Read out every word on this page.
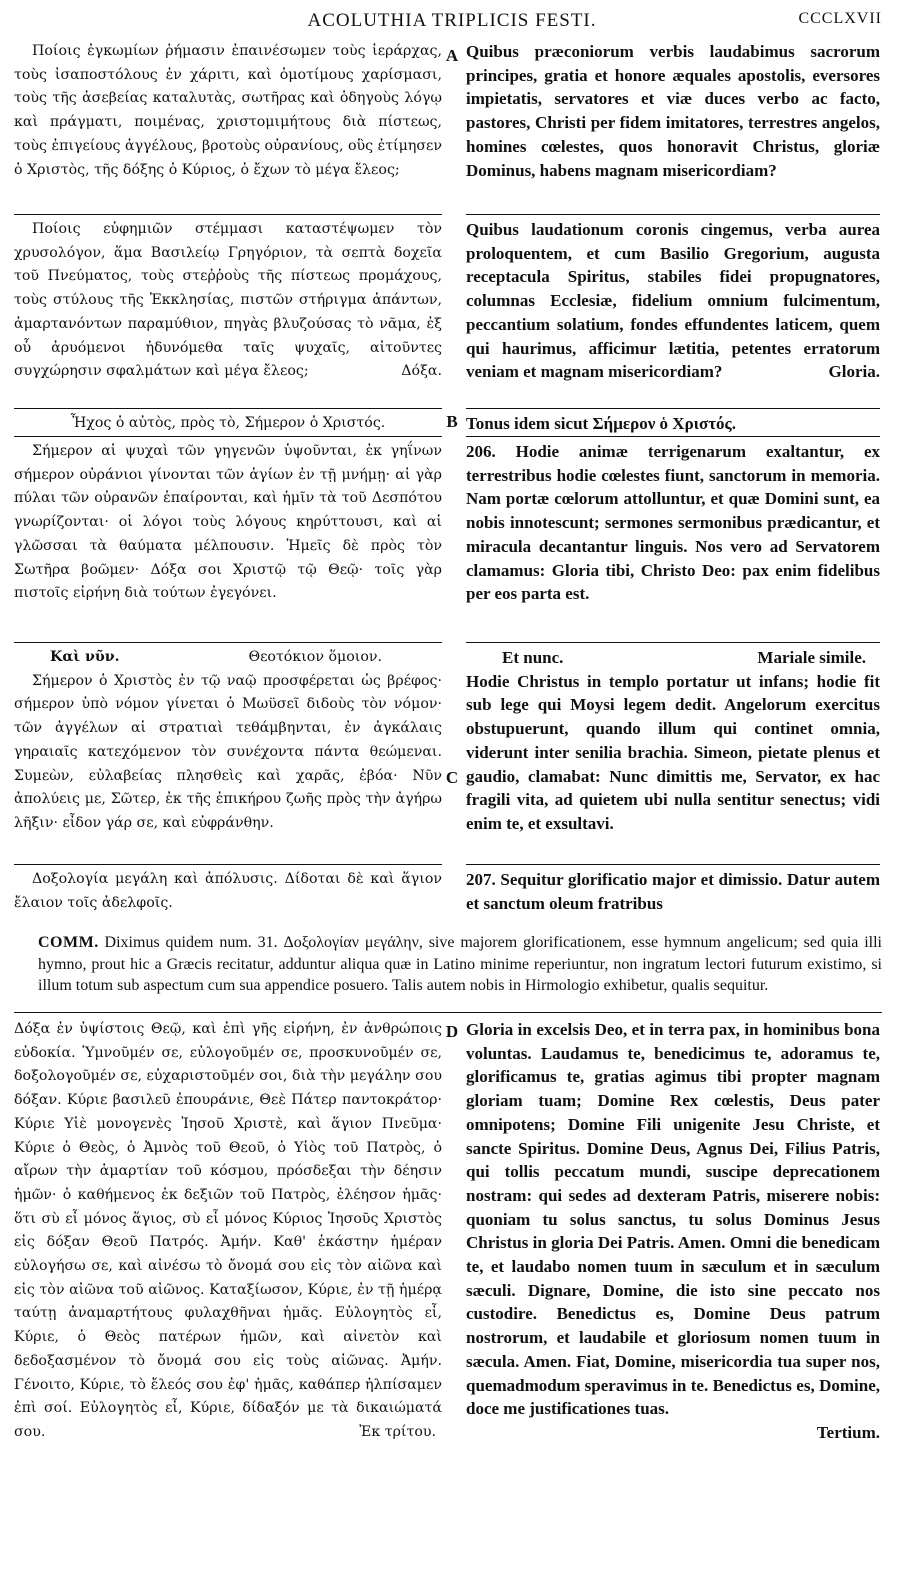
ACOLUTHIA TRIPLICIS FESTI.	CCCLXVII

Ποίοις ἐγκωμίων ῥήμασιν ἐπαινέσωμεν τοὺς ἱεράρχας, τοὺς ἰσαποστόλους ἐν χάριτι, καὶ ὁμοτίμους χαρίσμασι, τοὺς τῆς ἀσεβείας καταλυτὰς, σωτῆρας καὶ ὁδηγοὺς λόγῳ καὶ πράγματι, ποιμένας, χριστομιμήτους διὰ πίστεως, τοὺς ἐπιγείους ἀγγέλους, βροτοὺς οὐρανίους, οὓς ἐτίμησεν ὁ Χριστὸς, τῆς δόξης ὁ Κύριος, ὁ ἔχων τὸ μέγα ἔλεος;

Ποίοις εὐφημιῶν στέμμασι καταστέψωμεν τὸν χρυσολόγον, ἅμα Βασιλείῳ Γρηγόριον, τὰ σεπτὰ δοχεῖα τοῦ Πνεύματος, τοὺς στεῤῥοὺς τῆς πίστεως προμάχους, τοὺς στύλους τῆς Ἐκκλησίας, πιστῶν στήριγμα ἁπάντων, ἁμαρτανόντων παραμύθιον, πηγὰς βλυζούσας τὸ νᾶμα, ἐξ οὗ ἀρυόμενοι ἡδυνόμεθα ταῖς ψυχαῖς, αἰτοῦντες συγχώρησιν σφαλμάτων καὶ μέγα ἔλεος;	Δόξα.

Ἦχος ὁ αὐτὸς, πρὸς τὸ, Σήμερον ὁ Χριστός.

Σήμερον αἱ ψυχαὶ τῶν γηγενῶν ὑψοῦνται, ἐκ γηΐνων σήμερον οὐράνιοι γίνονται τῶν ἁγίων ἐν τῇ μνήμῃ· αἱ γὰρ πύλαι τῶν οὐρανῶν ἐπαίρονται, καὶ ἡμῖν τὰ τοῦ Δεσπότου γνωρίζονται· οἱ λόγοι τοὺς λόγους κηρύττουσι, καὶ αἱ γλῶσσαι τὰ θαύματα μέλπουσιν. Ἡμεῖς δὲ πρὸς τὸν Σωτῆρα βοῶμεν· Δόξα σοι Χριστῷ τῷ Θεῷ· τοῖς γὰρ πιστοῖς εἰρήνη διὰ τούτων ἐγεγόνει.

Καὶ νῦν.	Θεοτόκιον ὅμοιον.

Σήμερον ὁ Χριστὸς ἐν τῷ ναῷ προσφέρεται ὡς βρέφος· σήμερον ὑπὸ νόμον γίνεται ὁ Μωϋσεῖ διδοὺς τὸν νόμον· τῶν ἀγγέλων αἱ στρατιαὶ τεθάμβηνται, ἐν ἀγκάλαις γηραιαῖς κατεχόμενον τὸν συνέχοντα πάντα θεώμεναι. Συμεὼν, εὐλαβείας πλησθεὶς καὶ χαρᾶς, ἐβόα· Νῦν ἀπολύεις με, Σῶτερ, ἐκ τῆς ἐπικήρου ζωῆς πρὸς τὴν ἀγήρω λῆξιν· εἶδον γάρ σε, καὶ εὐφράνθην.

Δοξολογία μεγάλη καὶ ἀπόλυσις. Δίδοται δὲ καὶ ἅγιον ἔλαιον τοῖς ἀδελφοῖς.

Quibus præconiorum verbis laudabimus sacrorum principes, gratia et honore æquales apostolis, eversores impietatis, servatores et viæ duces verbo ac facto, pastores, Christi per fidem imitatores, terrestres angelos, homines cœlestes, quos honoravit Christus, gloriæ Dominus, habens magnam misericordiam?

Quibus laudationum coronis cingemus, verba aurea proloquentem, et cum Basilio Gregorium, augusta receptacula Spiritus, stabiles fidei propugnatores, columnas Ecclesiæ, fidelium omnium fulcimentum, peccantium solatium, fondes effundentes laticem, quem qui haurimus, afficimur lætitia, petentes erratorum veniam et magnam misericordiam?	Gloria.

Tonus idem sicut Σήμερον ὁ Χριστός.

206. Hodie animæ terrigenarum exaltantur, ex terrestribus hodie cœlestes fiunt, sanctorum in memoria. Nam portæ cœlorum attolluntur, et quæ Domini sunt, ea nobis innotescunt; sermones sermonibus prædicantur, et miracula decantantur linguis. Nos vero ad Servatorem clamamus: Gloria tibi, Christo Deo: pax enim fidelibus per eos parta est.

Et nunc.	Mariale simile.

Hodie Christus in templo portatur ut infans; hodie fit sub lege qui Moysi legem dedit. Angelorum exercitus obstupuerunt, quando illum qui continet omnia, viderunt inter senilia brachia. Simeon, pietate plenus et gaudio, clamabat: Nunc dimittis me, Servator, ex hac fragili vita, ad quietem ubi nulla sentitur senectus; vidi enim te, et exsultavi.

207. Sequitur glorificatio major et dimissio. Datur autem et sanctum oleum fratribus

A
B
C
D
COMM. Diximus quidem num. 31. Δοξολογίαν μεγάλην, sive majorem glorificationem, esse hymnum angelicum; sed quia illi hymno, prout hic a Græcis recitatur, adduntur aliqua quæ in Latino minime reperiuntur, non ingratum lectori futurum existimo, si illum totum sub aspectum cum sua appendice posuero. Talis autem nobis in Hirmologio exhibetur, qualis sequitur.

Δόξα ἐν ὑψίστοις Θεῷ, καὶ ἐπὶ γῆς εἰρήνη, ἐν ἀνθρώποις εὐδοκία. Ὑμνοῦμέν σε, εὐλογοῦμέν σε, προσκυνοῦμέν σε, δοξολογοῦμέν σε, εὐχαριστοῦμέν σοι, διὰ τὴν μεγάλην σου δόξαν. Κύριε βασιλεῦ ἐπουράνιε, Θεὲ Πάτερ παντοκράτορ· Κύριε Υἱὲ μονογενὲς Ἰησοῦ Χριστὲ, καὶ ἅγιον Πνεῦμα· Κύριε ὁ Θεὸς, ὁ Ἀμνὸς τοῦ Θεοῦ, ὁ Υἱὸς τοῦ Πατρὸς, ὁ αἴρων τὴν ἁμαρτίαν τοῦ κόσμου, πρόσδεξαι τὴν δέησιν ἡμῶν· ὁ καθήμενος ἐκ δεξιῶν τοῦ Πατρὸς, ἐλέησον ἡμᾶς· ὅτι σὺ εἶ μόνος ἅγιος, σὺ εἶ μόνος Κύριος Ἰησοῦς Χριστὸς εἰς δόξαν Θεοῦ Πατρός. Ἀμήν. Καθ' ἑκάστην ἡμέραν εὐλογήσω σε, καὶ αἰνέσω τὸ ὄνομά σου εἰς τὸν αἰῶνα καὶ εἰς τὸν αἰῶνα τοῦ αἰῶνος. Καταξίωσον, Κύριε, ἐν τῇ ἡμέρᾳ ταύτῃ ἀναμαρτήτους φυλαχθῆναι ἡμᾶς. Εὐλογητὸς εἶ, Κύριε, ὁ Θεὸς πατέρων ἡμῶν, καὶ αἰνετὸν καὶ δεδοξασμένον τὸ ὄνομά σου εἰς τοὺς αἰῶνας. Ἀμήν. Γένοιτο, Κύριε, τὸ ἔλεός σου ἐφ' ἡμᾶς, καθάπερ ἠλπίσαμεν ἐπὶ σοί. Εὐλογητὸς εἶ, Κύριε, δίδαξόν με τὰ δικαιώματά σου.	Ἐκ τρίτου.

Gloria in excelsis Deo, et in terra pax, in hominibus bona voluntas. Laudamus te, benedicimus te, adoramus te, glorificamus te, gratias agimus tibi propter magnam gloriam tuam; Domine Rex cœlestis, Deus pater omnipotens; Domine Fili unigenite Jesu Christe, et sancte Spiritus. Domine Deus, Agnus Dei, Filius Patris, qui tollis peccatum mundi, suscipe deprecationem nostram: qui sedes ad dexteram Patris, miserere nobis: quoniam tu solus sanctus, tu solus Dominus Jesus Christus in gloria Dei Patris. Amen. Omni die benedicam te, et laudabo nomen tuum in sæculum et in sæculum sæculi. Dignare, Domine, die isto sine peccato nos custodire. Benedictus es, Domine Deus patrum nostrorum, et laudabile et gloriosum nomen tuum in sæcula. Amen. Fiat, Domine, misericordia tua super nos, quemadmodum speravimus in te. Benedictus es, Domine, doce me justificationes tuas.

Tertium.
